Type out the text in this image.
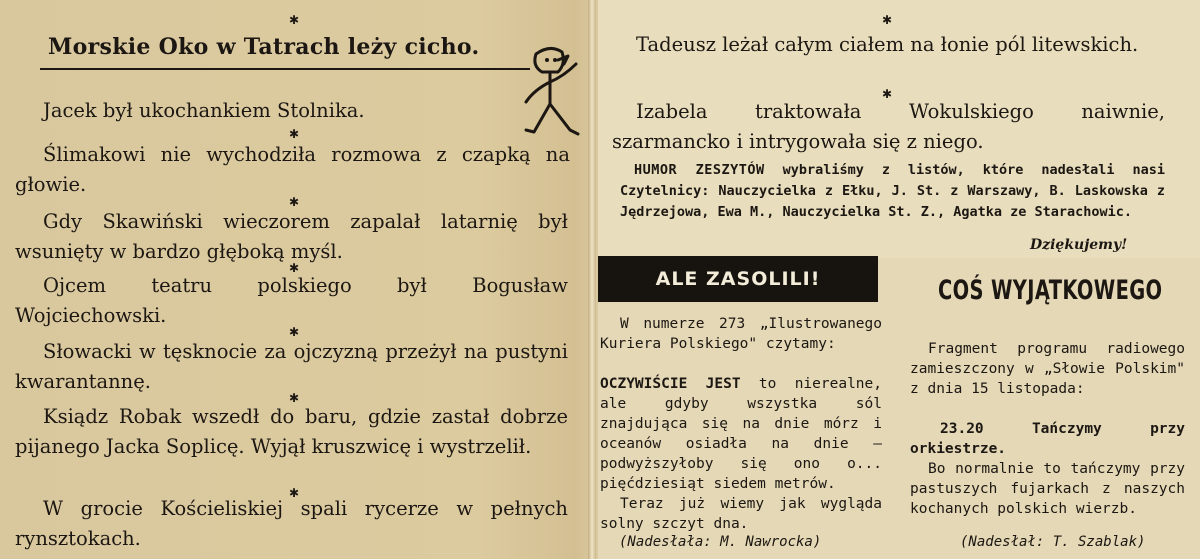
✱
Morskie Oko w Tatrach leży cicho.
Jacek był ukochankiem Stolnika.
✱
Ślimakowi nie wychodziła rozmowa z czapką na głowie.
✱
Gdy Skawiński wieczorem zapalał latarnię był wsunięty w bardzo głęboką myśl.
✱
Ojcem teatru polskiego był Bogusław Wojciechowski.
✱
Słowacki w tęsknocie za ojczyzną przeżył na pustyni kwarantannę.
✱
Ksiądz Robak wszedł do baru, gdzie zastał dobrze pijanego Jacka Soplicę. Wyjął kruszwicę i wystrzelił.
✱
W grocie Kościeliskiej spali rycerze w pełnych rynsztokach.
✱
Tadeusz leżał całym ciałem na łonie pól litewskich.
✱
Izabela traktowała Wokulskiego naiwnie, szarmancko i intrygowała się z niego.
HUMOR ZESZYTÓW wybraliśmy z listów, które nadesłali nasi Czytelnicy: Nauczycielka z Ełku, J. St. z Warszawy, B. Laskowska z Jędrzejowa, Ewa M., Nauczycielka St. Z., Agatka ze Starachowic.
Dziękujemy!
ALE ZASOLILI!
W numerze 273 „Ilustrowanego Kuriera Polskiego" czytamy:
OCZYWIŚCIE JEST to nierealne, ale gdyby wszystka sól znajdująca się na dnie mórz i oceanów osiadła na dnie — podwyższyłoby się ono o... pięćdziesiąt siedem metrów.
Teraz już wiemy jak wygląda solny szczyt dna.
(Nadesłała: M. Nawrocka)
COŚ WYJĄTKOWEGO
Fragment programu radiowego zamieszczony w „Słowie Polskim" z dnia 15 listopada:
23.20 Tańczymy przy orkiestrze.
Bo normalnie to tańczymy przy pastuszych fujarkach z naszych kochanych polskich wierzb.
(Nadesłał: T. Szablak)
